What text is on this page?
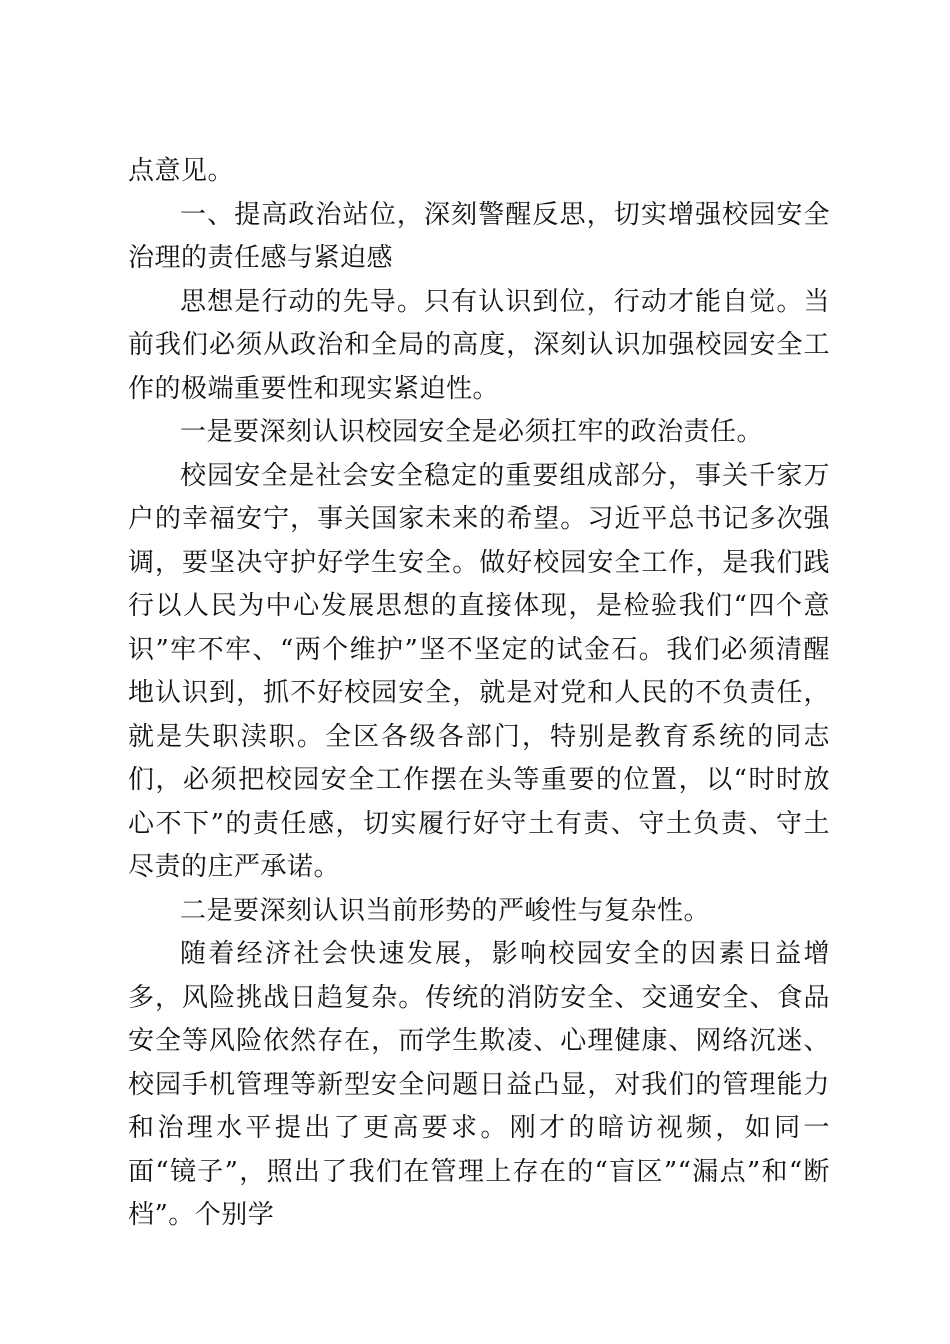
点意见。

一、提高政治站位，深刻警醒反思，切实增强校园安全治理的责任感与紧迫感

思想是行动的先导。只有认识到位，行动才能自觉。当前我们必须从政治和全局的高度，深刻认识加强校园安全工作的极端重要性和现实紧迫性。

一是要深刻认识校园安全是必须扛牢的政治责任。

校园安全是社会安全稳定的重要组成部分，事关千家万户的幸福安宁，事关国家未来的希望。习近平总书记多次强调，要坚决守护好学生安全。做好校园安全工作，是我们践行以人民为中心发展思想的直接体现，是检验我们“四个意识”牢不牢、“两个维护”坚不坚定的试金石。我们必须清醒地认识到，抓不好校园安全，就是对党和人民的不负责任，就是失职渎职。全区各级各部门，特别是教育系统的同志们，必须把校园安全工作摆在头等重要的位置，以“时时放心不下”的责任感，切实履行好守土有责、守土负责、守土尽责的庄严承诺。

二是要深刻认识当前形势的严峻性与复杂性。

随着经济社会快速发展，影响校园安全的因素日益增多，风险挑战日趋复杂。传统的消防安全、交通安全、食品安全等风险依然存在，而学生欺凌、心理健康、网络沉迷、校园手机管理等新型安全问题日益凸显，对我们的管理能力和治理水平提出了更高要求。刚才的暗访视频，如同一面“镜子”，照出了我们在管理上存在的“盲区”“漏点”和“断档”。个别学
